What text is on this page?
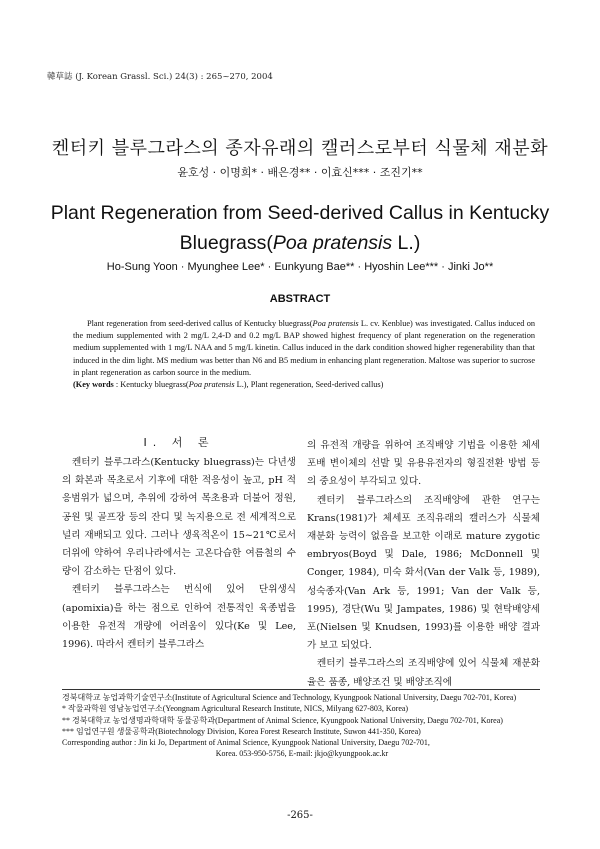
韓草誌 (J. Korean Grassl. Sci.) 24(3) : 265~270, 2004
켄터키 블루그라스의 종자유래의 캘러스로부터 식물체 재분화
윤호성 · 이명희* · 배은경** · 이효신*** · 조진기**
Plant Regeneration from Seed-derived Callus in Kentucky Bluegrass(Poa pratensis L.)
Ho-Sung Yoon · Myunghee Lee* · Eunkyung Bae** · Hyoshin Lee*** · Jinki Jo**
ABSTRACT

Plant regeneration from seed-derived callus of Kentucky bluegrass(Poa pratensis L. cv. Kenblue) was investigated. Callus induced on the medium supplemented with 2 mg/L 2,4-D and 0.2 mg/L BAP showed highest frequency of plant regeneration on the regeneration medium supplemented with 1 mg/L NAA and 5 mg/L kinetin. Callus induced in the dark condition showed higher regenerability than that induced in the dim light. MS medium was better than N6 and B5 medium in enhancing plant regeneration. Maltose was superior to sucrose in plant regeneration as carbon source in the medium.

(Key words : Kentucky bluegrass(Poa pratensis L.), Plant regeneration, Seed-derived callus)

Ⅰ. 서 론

켄터키 블루그라스(Kentucky bluegrass)는 다년생의 화본과 목초로서 기후에 대한 적응성이 높고, pH 적응범위가 넓으며, 추위에 강하여 목초용과 더불어 정원, 공원 및 골프장 등의 잔디 및 녹지용으로 전 세계적으로 널리 재배되고 있다. 그러나 생육적온이 15~21℃로서 더위에 약하여 우리나라에서는 고온다습한 여름철의 수량이 감소하는 단점이 있다.

켄터키 블루그라스는 번식에 있어 단위생식(apomixia)을 하는 점으로 인하여 전통적인 육종법을 이용한 유전적 개량에 어려움이 있다(Ke 및 Lee, 1996). 따라서 켄터키 블루그라스

의 유전적 개량을 위하여 조직배양 기법을 이용한 체세포배 변이체의 선발 및 유용유전자의 형질전환 방법 등의 중요성이 부각되고 있다.

켄터키 블루그라스의 조직배양에 관한 연구는 Krans(1981)가 체세포 조직유래의 캘러스가 식물체 재분화 능력이 없음을 보고한 이래로 mature zygotic embryos(Boyd 및 Dale, 1986; McDonnell 및 Conger, 1984), 미숙 화서(Van der Valk 등, 1989), 성숙종자(Van Ark 등, 1991; Van der Valk 등, 1995), 경단(Wu 및 Jampates, 1986) 및 현탁배양세포(Nielsen 및 Knudsen, 1993)를 이용한 배양 결과가 보고 되었다.

켄터키 블루그라스의 조직배양에 있어 식물체 재분화율은 품종, 배양조건 및 배양조직에

경북대학교 농업과학기술연구소(Institute of Agricultural Science and Technology, Kyungpook National University, Daegu 702-701, Korea)

* 작물과학원 영남농업연구소(Yeongnam Agricultural Research Institute, NICS, Milyang 627-803, Korea)

** 경북대학교 농업생명과학대학 동물공학과(Department of Animal Science, Kyungpook National University, Daegu 702-701, Korea)

*** 임업연구원 생물공학과(Biotechnology Division, Korea Forest Research Institute, Suwon 441-350, Korea)

Corresponding author : Jin ki Jo, Department of Animal Science, Kyungpook National University, Daegu 702-701,

Korea. 053-950-5756, E-mail: jkjo@kyungpook.ac.kr

-265-
